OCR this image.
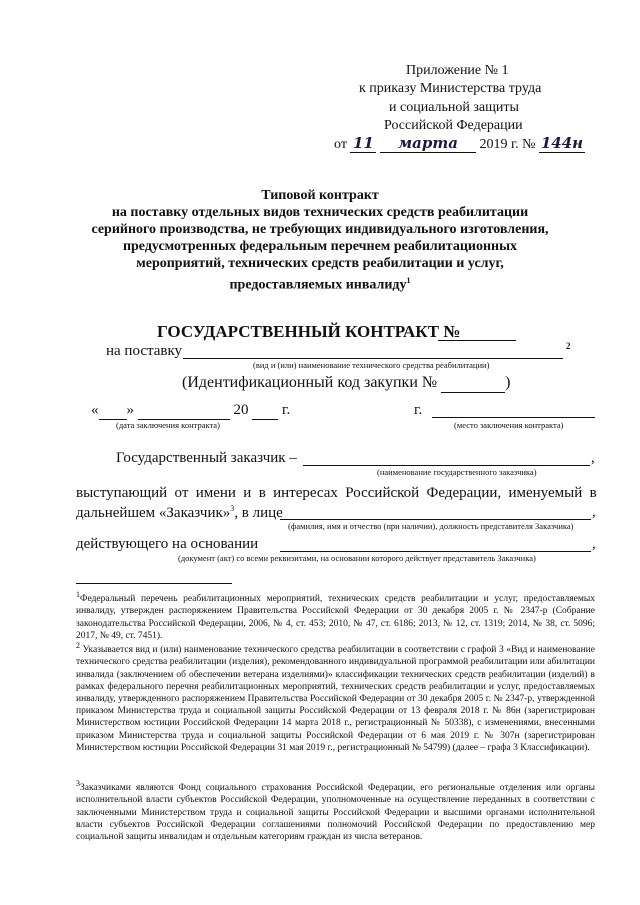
Приложение № 1
к приказу Министерства труда
и социальной защиты
Российской Федерации
от 11 марта 2019 г. № 144н
Типовой контракт
на поставку отдельных видов технических средств реабилитации
серийного производства, не требующих индивидуального изготовления,
предусмотренных федеральным перечнем реабилитационных
мероприятий, технических средств реабилитации и услуг,
предоставляемых инвалиду$^1$
ГОСУДАРСТВЕННЫЙ КОНТРАКТ №
на поставку	2
(вид и (или) наименование технического средства реабилитации)
(Идентификационный код закупки №	)
« »	20 г.	г.
(дата заключения контракта)	(место заключения контракта)
Государственный заказчик –	,
(наименование государственного заказчика)
выступающий от имени и в интересах Российской Федерации, именуемый в
дальнейшем «Заказчик»$^3$, в лице	,
(фамилия, имя и отчество (при наличии), должность представителя Заказчика)
действующего на основании	,
(документ (акт) со всеми реквизитами, на основании которого действует представитель Заказчика)
$^1$Федеральный перечень реабилитационных мероприятий, технических средств реабилитации и услуг, предоставляемых инвалиду, утвержден распоряжением Правительства Российской Федерации от 30 декабря 2005 г. № 2347-р (Собрание законодательства Российской Федерации, 2006, № 4, ст. 453; 2010, № 47, ст. 6186; 2013, № 12, ст. 1319; 2014, № 38, ст. 5096; 2017, № 49, ст. 7451).
$^2$ Указывается вид и (или) наименование технического средства реабилитации в соответствии с графой 3 «Вид и наименование технического средства реабилитации (изделия), рекомендованного индивидуальной программой реабилитации или абилитации инвалида (заключением об обеспечении ветерана изделиями)» классификации технических средств реабилитации (изделий) в рамках федерального перечня реабилитационных мероприятий, технических средств реабилитации и услуг, предоставляемых инвалиду, утвержденного распоряжением Правительства Российской Федерации от 30 декабря 2005 г. № 2347-р, утвержденной приказом Министерства труда и социальной защиты Российской Федерации от 13 февраля 2018 г. № 86н (зарегистрирован Министерством юстиции Российской Федерации 14 марта 2018 г., регистрационный № 50338), с изменениями, внесенными приказом Министерства труда и социальной защиты Российской Федерации от 6 мая 2019 г. № 307н (зарегистрирован Министерством юстиции Российской Федерации 31 мая 2019 г., регистрационный № 54799) (далее – графа 3 Классификации).
$^3$Заказчиками являются Фонд социального страхования Российской Федерации, его региональные отделения или органы исполнительной власти субъектов Российской Федерации, уполномоченные на осуществление переданных в соответствии с заключенными Министерством труда и социальной защиты Российской Федерации и высшими органами исполнительной власти субъектов Российской Федерации соглашениями полномочий Российской Федерации по предоставлению мер социальной защиты инвалидам и отдельным категориям граждан из числа ветеранов.
